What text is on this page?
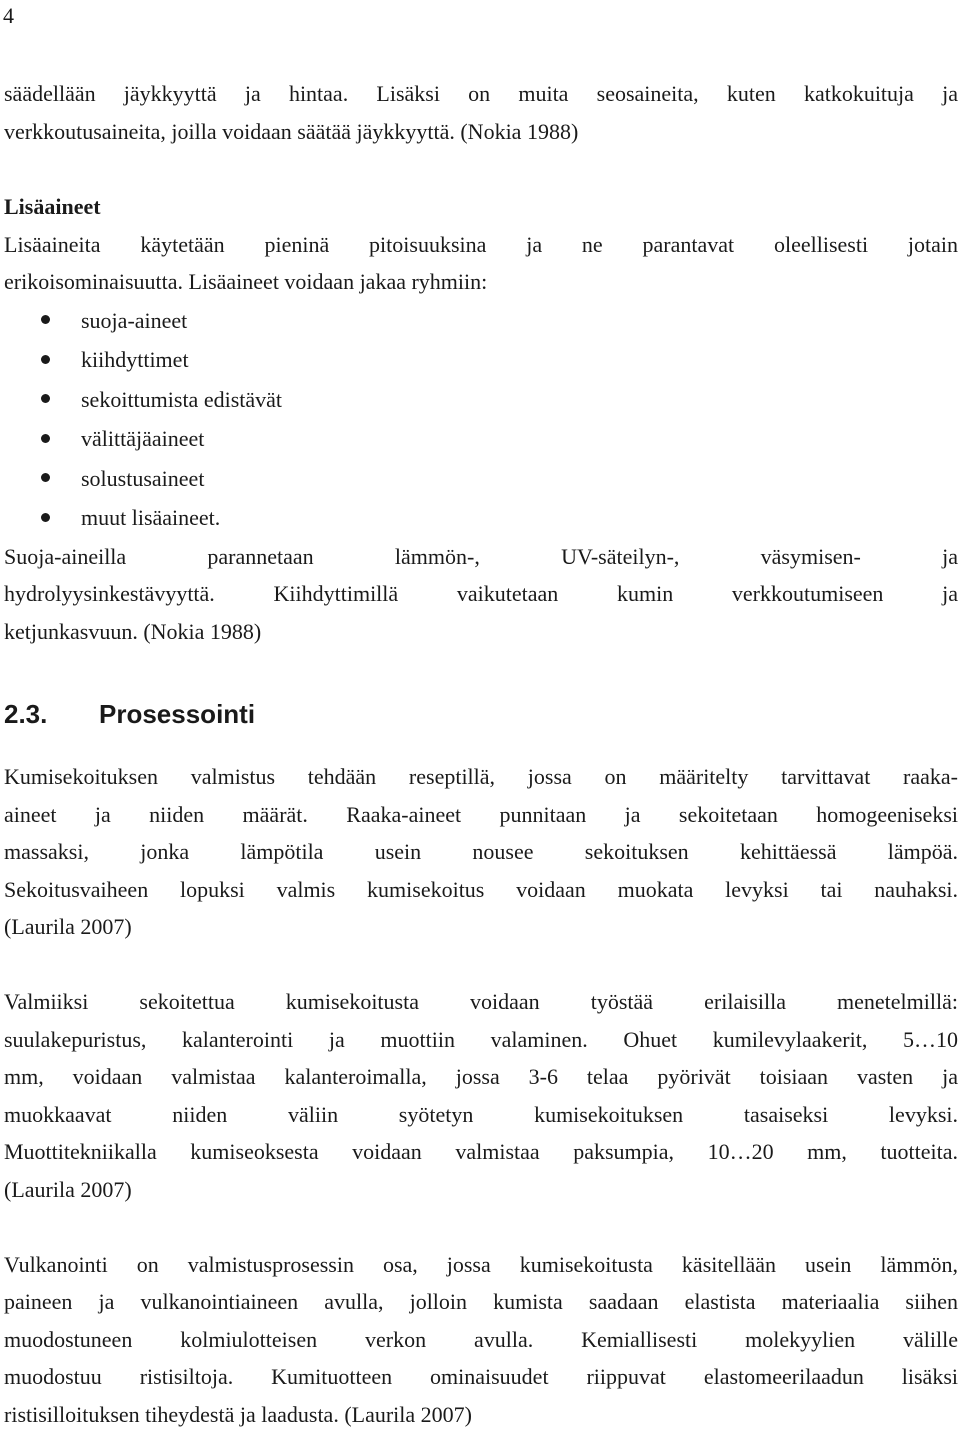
4

säädellään jäykkyyttä ja hintaa. Lisäksi on muita seosaineita, kuten katkokuituja ja

verkkoutusaineita, joilla voidaan säätää jäykkyyttä. (Nokia 1988)

Lisäaineet

Lisäaineita käytetään pieninä pitoisuuksina ja ne parantavat oleellisesti jotain

erikoisominaisuutta. Lisäaineet voidaan jakaa ryhmiin:

suoja-aineet
kiihdyttimet
sekoittumista edistävät
välittäjäaineet
solustusaineet
muut lisäaineet.

Suoja-aineilla parannetaan lämmön-, UV-säteilyn-, väsymisen- ja

hydrolyysinkestävyyttä. Kiihdyttimillä vaikutetaan kumin verkkoutumiseen ja

ketjunkasvuun. (Nokia 1988)

2.3.	Prosessointi

Kumisekoituksen valmistus tehdään reseptillä, jossa on määritelty tarvittavat raaka-

aineet ja niiden määrät. Raaka-aineet punnitaan ja sekoitetaan homogeeniseksi

massaksi, jonka lämpötila usein nousee sekoituksen kehittäessä lämpöä.

Sekoitusvaiheen lopuksi valmis kumisekoitus voidaan muokata levyksi tai nauhaksi.

(Laurila 2007)

Valmiiksi sekoitettua kumisekoitusta voidaan työstää erilaisilla menetelmillä:

suulakepuristus, kalanterointi ja muottiin valaminen. Ohuet kumilevylaakerit, 5…10

mm, voidaan valmistaa kalanteroimalla, jossa 3-6 telaa pyörivät toisiaan vasten ja

muokkaavat niiden väliin syötetyn kumisekoituksen tasaiseksi levyksi.

Muottitekniikalla kumiseoksesta voidaan valmistaa paksumpia, 10…20 mm, tuotteita.

(Laurila 2007)

Vulkanointi on valmistusprosessin osa, jossa kumisekoitusta käsitellään usein lämmön,

paineen ja vulkanointiaineen avulla, jolloin kumista saadaan elastista materiaalia siihen

muodostuneen kolmiulotteisen verkon avulla. Kemiallisesti molekyylien välille

muodostuu ristisiltoja. Kumituotteen ominaisuudet riippuvat elastomeerilaadun lisäksi

ristisilloituksen tiheydestä ja laadusta. (Laurila 2007)
